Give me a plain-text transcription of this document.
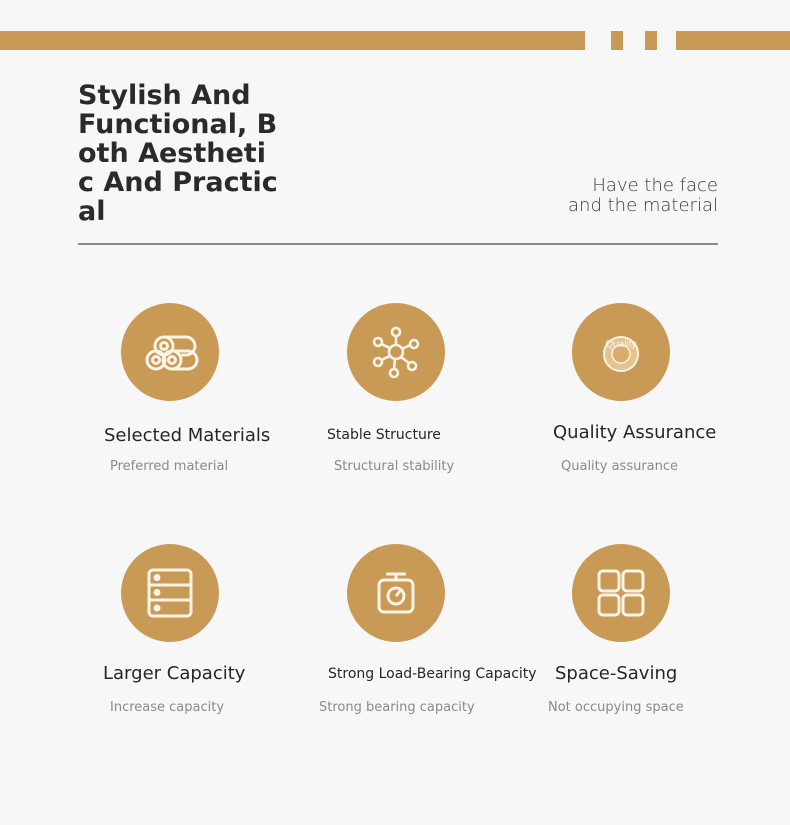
Stylish And Functional, Both Aesthetic And Practical
Have the face
and the material
Selected Materials
Preferred material
Stable Structure
Structural stability
Quality
Quality Assurance
Quality assurance
Larger Capacity
Increase capacity
Strong Load-Bearing Capacity
Strong bearing capacity
Space-Saving
Not occupying space
